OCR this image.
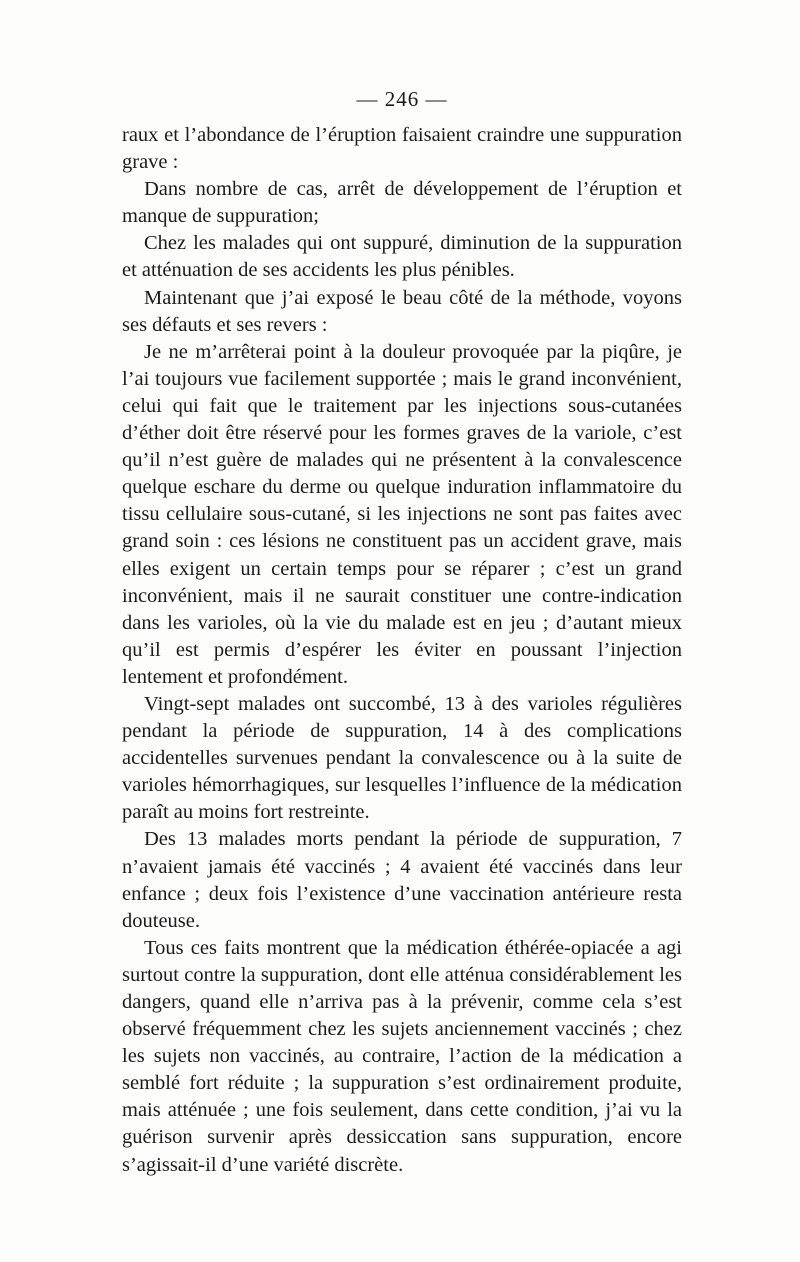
— 246 —

raux et l’abondance de l’éruption faisaient craindre une suppuration grave :

Dans nombre de cas, arrêt de développement de l’éruption et manque de suppuration;

Chez les malades qui ont suppuré, diminution de la suppuration et atténuation de ses accidents les plus pénibles.

Maintenant que j’ai exposé le beau côté de la méthode, voyons ses défauts et ses revers :

Je ne m’arrêterai point à la douleur provoquée par la piqûre, je l’ai toujours vue facilement supportée ; mais le grand inconvénient, celui qui fait que le traitement par les injections sous-cutanées d’éther doit être réservé pour les formes graves de la variole, c’est qu’il n’est guère de malades qui ne présentent à la convalescence quelque eschare du derme ou quelque induration inflammatoire du tissu cellulaire sous-cutané, si les injections ne sont pas faites avec grand soin : ces lésions ne constituent pas un accident grave, mais elles exigent un certain temps pour se réparer ; c’est un grand inconvénient, mais il ne saurait constituer une contre-indication dans les varioles, où la vie du malade est en jeu ; d’autant mieux qu’il est permis d’espérer les éviter en poussant l’injection lentement et profondément.

Vingt-sept malades ont succombé, 13 à des varioles régulières pendant la période de suppuration, 14 à des complications accidentelles survenues pendant la convalescence ou à la suite de varioles hémorrhagiques, sur lesquelles l’influence de la médication paraît au moins fort restreinte.

Des 13 malades morts pendant la période de suppuration, 7 n’avaient jamais été vaccinés ; 4 avaient été vaccinés dans leur enfance ; deux fois l’existence d’une vaccination antérieure resta douteuse.

Tous ces faits montrent que la médication éthérée-opiacée a agi surtout contre la suppuration, dont elle atténua considérablement les dangers, quand elle n’arriva pas à la prévenir, comme cela s’est observé fréquemment chez les sujets anciennement vaccinés ; chez les sujets non vaccinés, au contraire, l’action de la médication a semblé fort réduite ; la suppuration s’est ordinairement produite, mais atténuée ; une fois seulement, dans cette condition, j’ai vu la guérison survenir après dessiccation sans suppuration, encore s’agissait-il d’une variété discrète.
